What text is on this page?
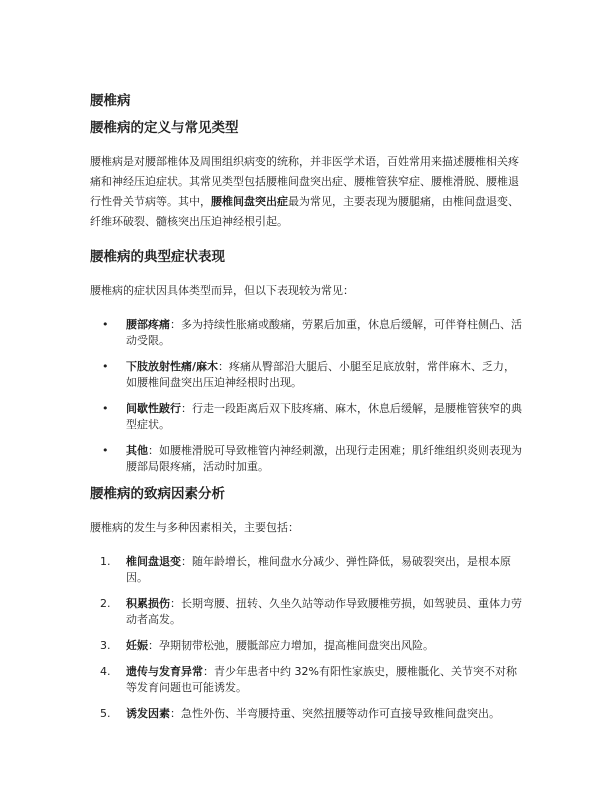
腰椎病
腰椎病的定义与常见类型

腰椎病是对腰部椎体及周围组织病变的统称，并非医学术语，百姓常用来描述腰椎相关疼痛和神经压迫症状。其常见类型包括腰椎间盘突出症、腰椎管狭窄症、腰椎滑脱、腰椎退行性骨关节病等。其中，腰椎间盘突出症最为常见，主要表现为腰腿痛，由椎间盘退变、纤维环破裂、髓核突出压迫神经根引起。

腰椎病的典型症状表现

腰椎病的症状因具体类型而异，但以下表现较为常见：

• 腰部疼痛：多为持续性胀痛或酸痛，劳累后加重，休息后缓解，可伴脊柱侧凸、活动受限。
• 下肢放射性痛/麻木：疼痛从臀部沿大腿后、小腿至足底放射，常伴麻木、乏力，如腰椎间盘突出压迫神经根时出现。
• 间歇性跛行：行走一段距离后双下肢疼痛、麻木，休息后缓解，是腰椎管狭窄的典型症状。
• 其他：如腰椎滑脱可导致椎管内神经刺激，出现行走困难；肌纤维组织炎则表现为腰部局限疼痛，活动时加重。
腰椎病的致病因素分析

腰椎病的发生与多种因素相关，主要包括：

1. 椎间盘退变：随年龄增长，椎间盘水分减少、弹性降低，易破裂突出，是根本原因。
2. 积累损伤：长期弯腰、扭转、久坐久站等动作导致腰椎劳损，如驾驶员、重体力劳动者高发。
3. 妊娠：孕期韧带松弛，腰骶部应力增加，提高椎间盘突出风险。
4. 遗传与发育异常：青少年患者中约 32%有阳性家族史，腰椎骶化、关节突不对称等发育问题也可能诱发。
5. 诱发因素：急性外伤、半弯腰持重、突然扭腰等动作可直接导致椎间盘突出。
